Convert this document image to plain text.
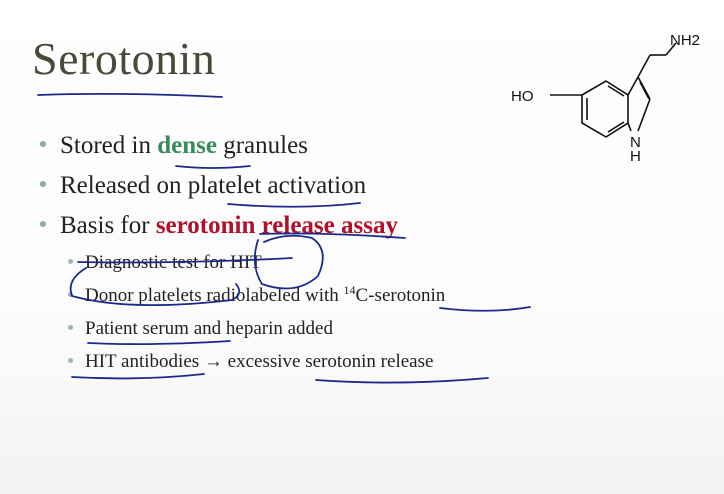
Serotonin
N
H
HO
NH2
Stored in dense granules
Released on platelet activation
Basis for serotonin release assay
Diagnostic test for HIT
Donor platelets radiolabeled with $^{14}$C-serotonin
Patient serum and heparin added
HIT antibodies → excessive serotonin release
